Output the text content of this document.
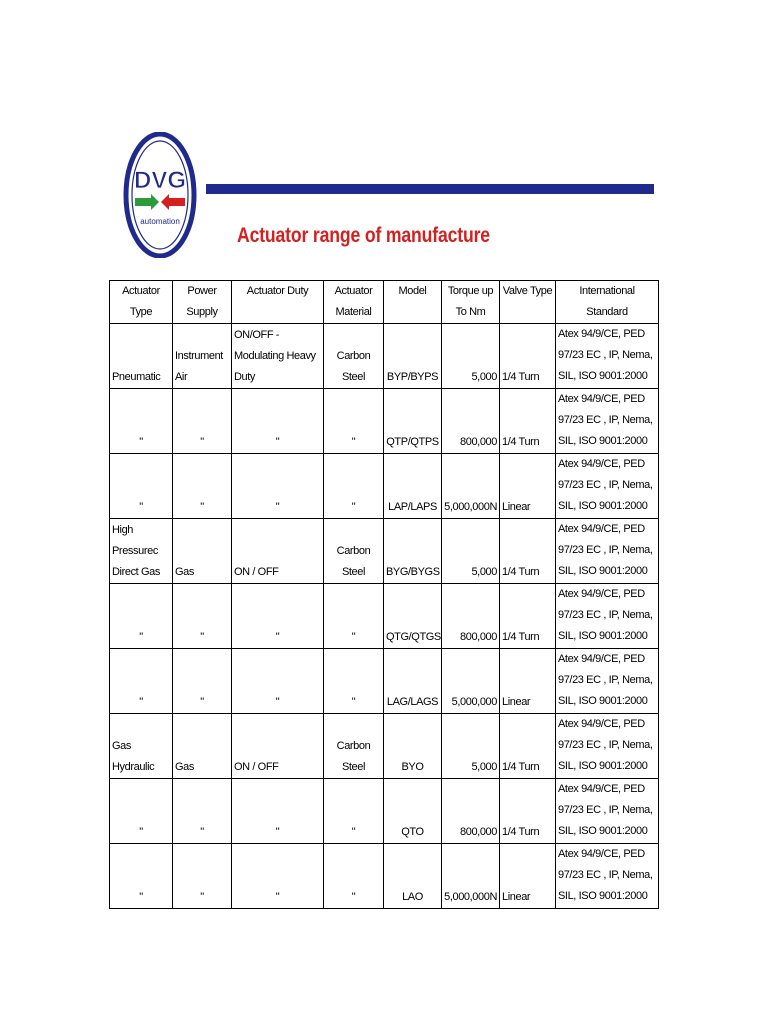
DVG
automation
Actuator range of manufacture
Actuator Type	Power Supply	Actuator Duty	Actuator Material	Model	Torque up To Nm	Valve Type	International Standard
Pneumatic	Instrument Air	ON/OFF - Modulating Heavy Duty	Carbon Steel	BYP/BYPS	5,000	1/4 Turn	Atex 94/9/CE, PED 97/23 EC , IP, Nema, SIL, ISO 9001:2000
"	"	"	"	QTP/QTPS	800,000	1/4 Turn	Atex 94/9/CE, PED 97/23 EC , IP, Nema, SIL, ISO 9001:2000
"	"	"	"	LAP/LAPS	5,000,000N	Linear	Atex 94/9/CE, PED 97/23 EC , IP, Nema, SIL, ISO 9001:2000
High Pressurec Direct Gas	Gas	ON / OFF	Carbon Steel	BYG/BYGS	5,000	1/4 Turn	Atex 94/9/CE, PED 97/23 EC , IP, Nema, SIL, ISO 9001:2000
"	"	"	"	QTG/QTGS	800,000	1/4 Turn	Atex 94/9/CE, PED 97/23 EC , IP, Nema, SIL, ISO 9001:2000
"	"	"	"	LAG/LAGS	5,000,000	Linear	Atex 94/9/CE, PED 97/23 EC , IP, Nema, SIL, ISO 9001:2000
Gas Hydraulic	Gas	ON / OFF	Carbon Steel	BYO	5,000	1/4 Turn	Atex 94/9/CE, PED 97/23 EC , IP, Nema, SIL, ISO 9001:2000
"	"	"	"	QTO	800,000	1/4 Turn	Atex 94/9/CE, PED 97/23 EC , IP, Nema, SIL, ISO 9001:2000
"	"	"	"	LAO	5,000,000N	Linear	Atex 94/9/CE, PED 97/23 EC , IP, Nema, SIL, ISO 9001:2000
